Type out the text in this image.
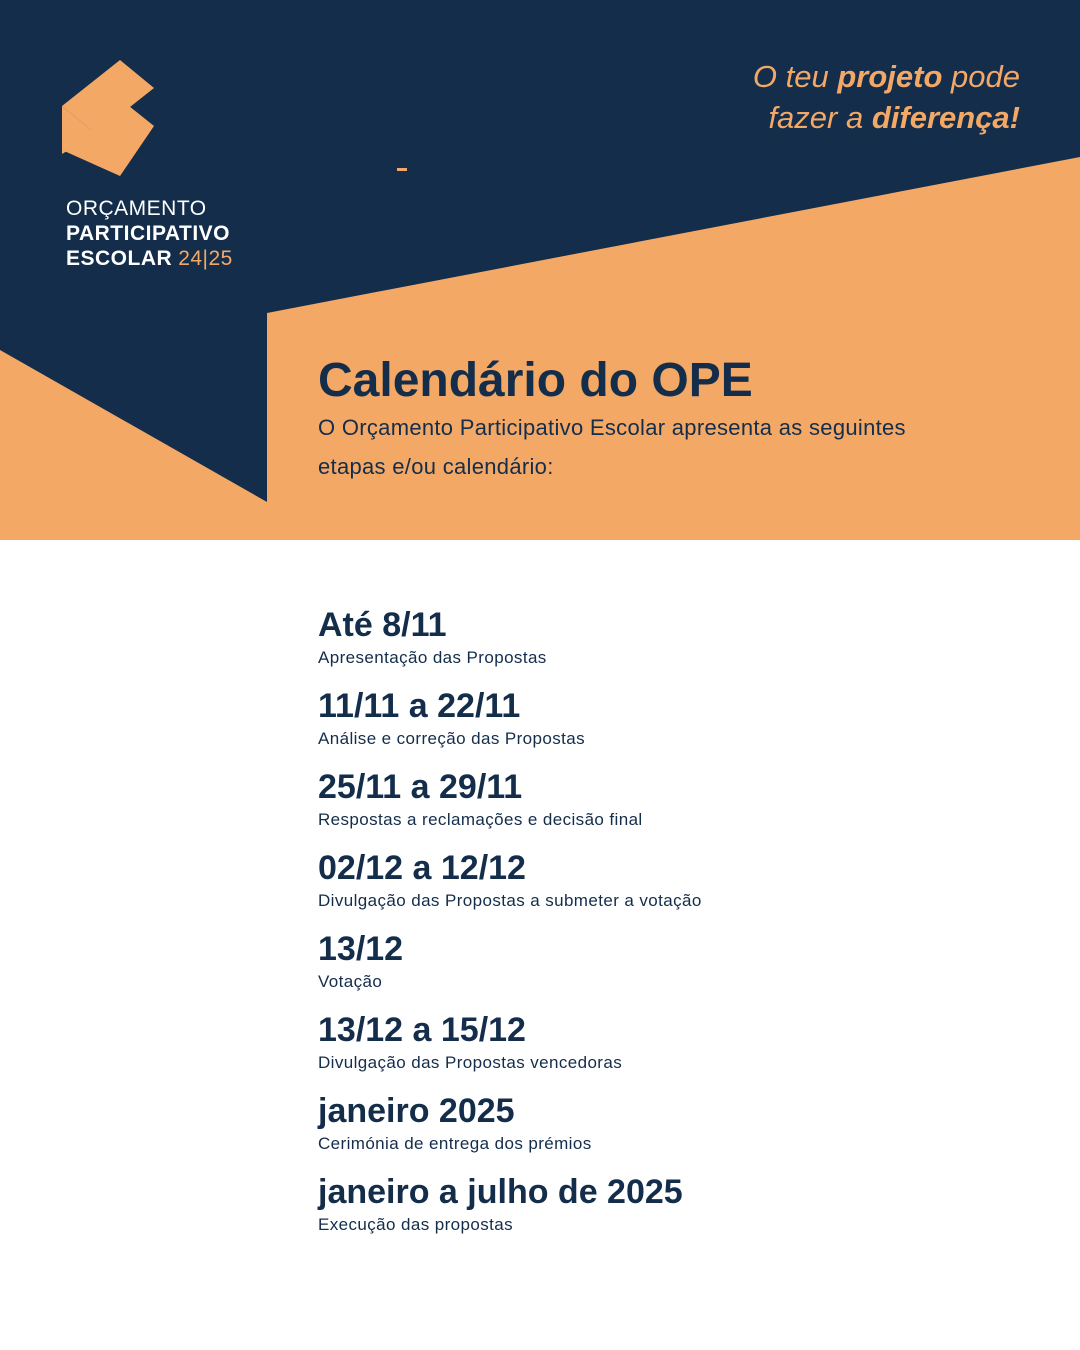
ORÇAMENTO
PARTICIPATIVO
ESCOLAR 24|25
O teu projeto pode fazer a diferença!
Calendário do OPE

O Orçamento Participativo Escolar apresenta as seguintes etapas e/ou calendário:

Até 8/11
Apresentação das Propostas
11/11 a 22/11
Análise e correção das Propostas
25/11 a 29/11
Respostas a reclamações e decisão final
02/12 a 12/12
Divulgação das Propostas a submeter a votação
13/12
Votação
13/12 a 15/12
Divulgação das Propostas vencedoras
janeiro 2025
Cerimónia de entrega dos prémios
janeiro a julho de 2025
Execução das propostas
